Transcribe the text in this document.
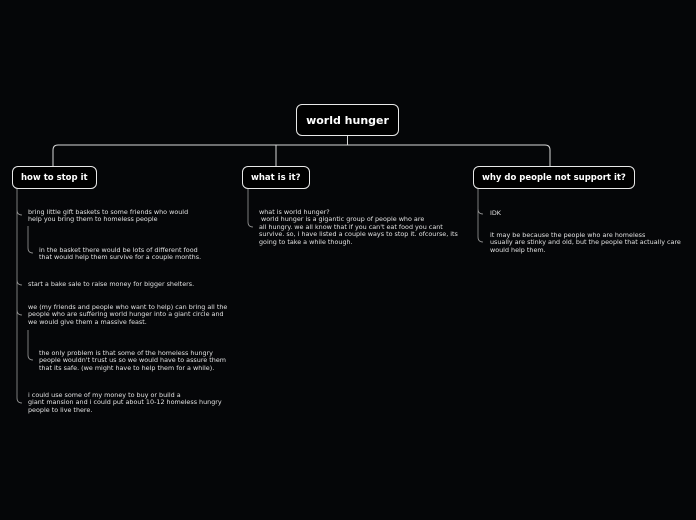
world hunger
how to stop it	what is it?	why do people not support it?

bring little gift baskets to some friends who would
help you bring them to homeless people

in the basket there would be lots of different food
that would help them survive for a couple months.

start a bake sale to raise money for bigger shelters.

we (my friends and people who want to help) can bring all the
people who are suffering world hunger into a giant circle and
we would give them a massive feast.

the only problem is that some of the homeless hungry
people wouldn't trust us so we would have to assure them
that its safe. (we might have to help them for a while).

i could use some of my money to buy or build a
giant mansion and i could put about 10-12 homeless hungry
people to live there.

what is world hunger?
world hunger is a gigantic group of people who are
all hungry. we all know that if you can't eat food you cant
survive. so, i have listed a couple ways to stop it. ofcourse, its
going to take a while though.

IDK

it may be because the people who are homeless
usually are stinky and old, but the people that actually care
would help them.
